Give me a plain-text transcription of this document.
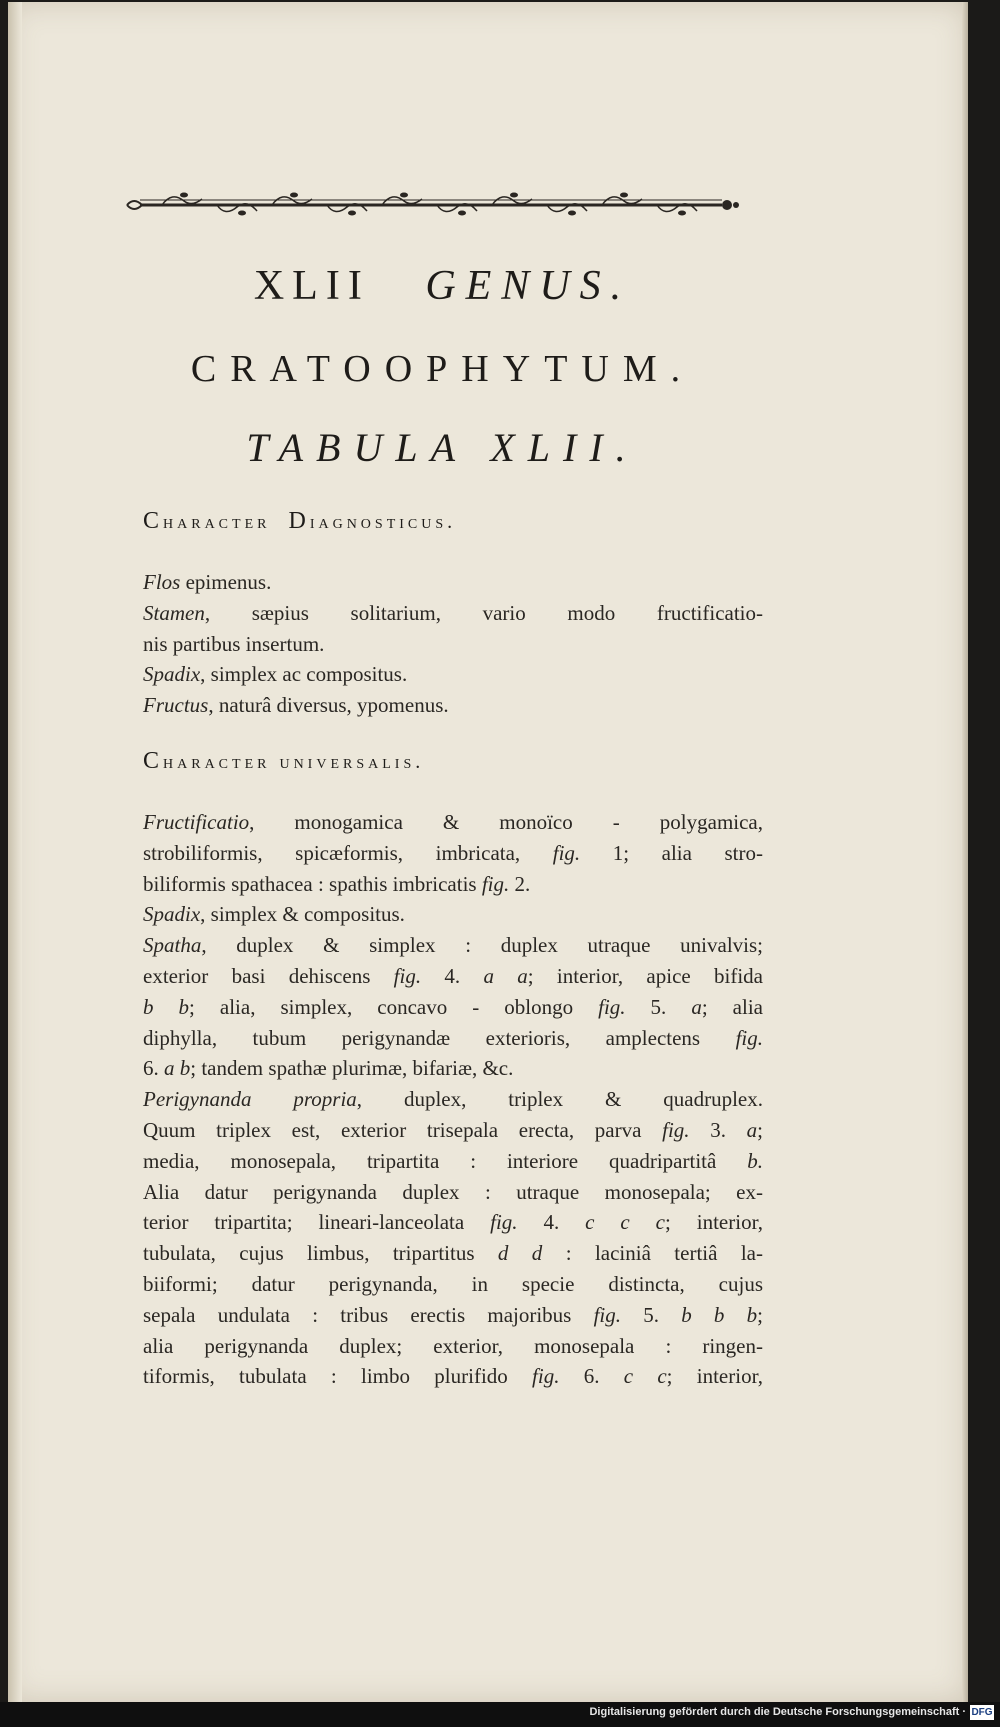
XLII GENUS.
CRATOOPHYTUM.
TABULA XLII.
Character Diagnosticus.

Flos epimenus.

Stamen, sæpius solitarium, vario modo fructificatio-

nis partibus insertum.

Spadix, simplex ac compositus.

Fructus, naturâ diversus, ypomenus.

Character universalis.

Fructificatio, monogamica & monoïco - polygamica,

strobiliformis, spicæformis, imbricata, fig. 1; alia stro-

biliformis spathacea : spathis imbricatis fig. 2.

Spadix, simplex & compositus.

Spatha, duplex & simplex : duplex utraque univalvis;

exterior basi dehiscens fig. 4. a a; interior, apice bifida

b b; alia, simplex, concavo - oblongo fig. 5. a; alia

diphylla, tubum perigynandæ exterioris, amplectens fig.

6. a b; tandem spathæ plurimæ, bifariæ, &c.

Perigynanda propria, duplex, triplex & quadruplex.

Quum triplex est, exterior trisepala erecta, parva fig. 3. a;

media, monosepala, tripartita : interiore quadripartitâ b.

Alia datur perigynanda duplex : utraque monosepala; ex-

terior tripartita; lineari-lanceolata fig. 4. c c c; interior,

tubulata, cujus limbus, tripartitus d d : laciniâ tertiâ la-

biiformi; datur perigynanda, in specie distincta, cujus

sepala undulata : tribus erectis majoribus fig. 5. b b b;

alia perigynanda duplex; exterior, monosepala : ringen-

tiformis, tubulata : limbo plurifido fig. 6. c c; interior,

Digitalisierung gefördert durch die Deutsche Forschungsgemeinschaft · DFG
